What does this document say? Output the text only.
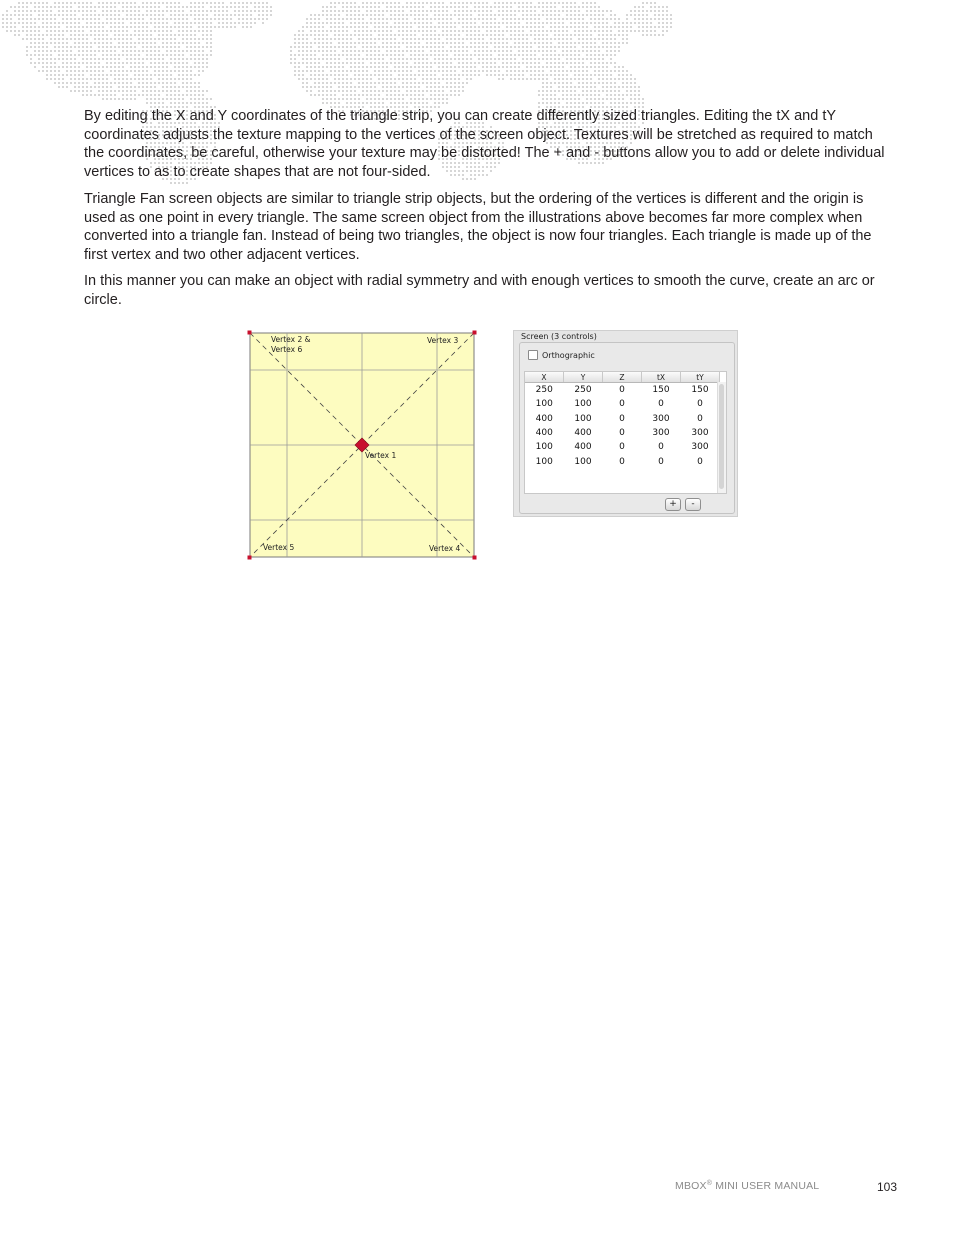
By editing the X and Y coordinates of the triangle strip, you can create differently sized triangles. Editing the tX and tY coordinates adjusts the texture mapping to the vertices of the screen object. Textures will be stretched as required to match the coordinates, be careful, otherwise your texture may be distorted! The + and - buttons allow you to add or delete individual vertices to as to create shapes that are not four-sided.

Triangle Fan screen objects are similar to triangle strip objects, but the ordering of the vertices is different and the origin is used as one point in every triangle. The same screen object from the illustrations above becomes far more complex when converted into a triangle fan. Instead of being two triangles, the object is now four triangles. Each triangle is made up of the first vertex and two other adjacent vertices.

In this manner you can make an object with radial symmetry and with enough vertices to smooth the curve, create an arc or circle.

Vertex 2 &
Vertex 6
Vertex 3
Vertex 1
Vertex 5	Vertex 4
Screen (3 controls)
Orthographic
X	Y	Z	tX	tY
250	250	0	150	150
100	100	0	0	0
400	100	0	300	0
400	400	0	300	300
100	400	0	0	300
100	100	0	0	0
+	-
MBOX® MINI USER MANUAL	103
